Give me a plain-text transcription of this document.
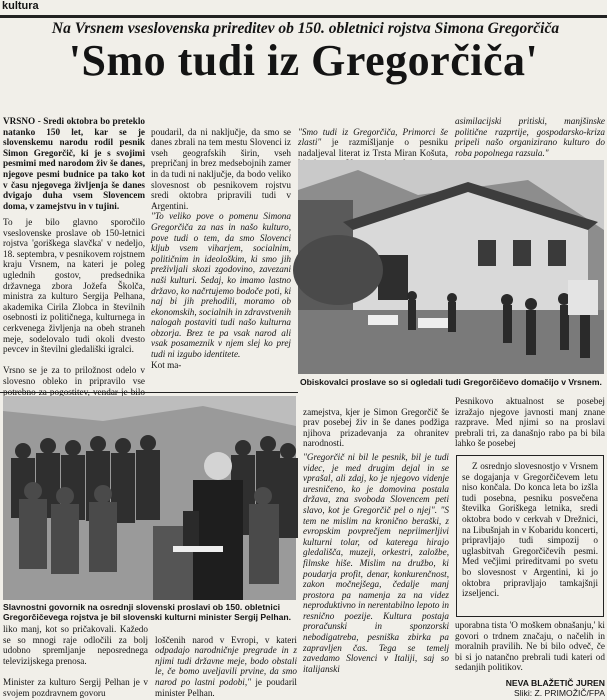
kultura
Na Vrsnem vseslovenska prireditev ob 150. obletnici rojstva Simona Gregorčiča
'Smo tudi iz Gregorčiča'
VRSNO - Sredi oktobra bo preteklo natanko 150 let, kar se je slovenskemu narodu rodil pesnik Simon Gregorčič, ki je s svojimi pesmimi med narodom živ še danes, njegove pesmi budnice pa tako kot v času njegovega življenja še danes dvigajo duha vsem Slovencem doma, v zamejstvu in v tujini.
To je bilo glavno sporočilo vseslovenske proslave ob 150-letnici rojstva 'goriškega slavčka' v nedeljo, 18. septembra, v pesnikovem rojstnem kraju Vrsnem, na kateri je poleg uglednih gostov, predsednika državnega zbora Jožefa Školča, ministra za kulturo Sergija Pelhana, akademika Cirila Zlobca in številnih osebnosti iz političnega, kulturnega in cerkvenega življenja na obeh straneh meje, sodelovalo tudi okoli dvesto pevcev in številni gledališki igralci.

Vrsno se je za to priložnost odelo v slovesno obleko in pripravilo vse

poudaril, da ni naključje, da smo se danes zbrali na tem mestu Slovenci iz vseh geografskih širin, vseh prepričanj in brez medsebojnih zamer in da tudi ni naključje, da bodo veliko slovesnost ob pesnikovem rojstvu sredi oktobra pripravili tudi v Argentini.
"To veliko pove o pomenu Simona Gregorčiča za nas in našo kulturo, pove tudi o tem, da smo Slovenci kljub vsem viharjem, socialnim, političnim in ideološkim, ki smo jih preživljali skozi zgodovino, zavezani naši kulturi. Sedaj, ko imamo lastno državo, ko načrtujemo bodoče poti, ki naj bi jih prehodili, moramo ob ekonomskih, socialnih in zdravstvenih nalogah postaviti tudi našo kulturna obzorja. Brez te pa vsak narod ali vsak posameznik v njem slej ko prej tudi ni izgubo identitete.
Kot ma-

"Smo tudi iz Gregorčiča, Primorci še zlasti" je razmišljanje o pesniku nadaljeval literat iz Trsta Miran Košuta,

asimilacijski pritiski, manjšinske politične razprtije, gospodarsko-kriza pripeli našo organizirano kulturo do roba popolnega razsula."
Obiskovalci proslave so si ogledali tudi Gregorčičevo domačijo v Vrsnem.
Slavnostni govornik na osrednji slovenski proslavi ob 150. obletnici Gregorčičevega rojstva je bil slovenski kulturni minister Sergij Pelhan.
liko manj, kot so pričakovali. Kažedo se so mnogi raje odločili za bolj udobno spremljanje neposrednega televizijskega prenosa.

Minister za kulturo Sergij Pelhan je v svojem pozdravnem govoru

loščenih narod v Evropi, v kateri odpadajo narodničnje pregrade in z njimi tudi državne meje, bodo obstali le, če bomo uveljavili prvine, da smo narod po lastni podobi," je poudaril minister Pelhan.

zamejstva, kjer je Simon Gregorčič še prav posebej živ in še danes podžiga njihova prizadevanja za ohranitev narodnosti.

"Gregorčič ni bil le pesnik, bil je tudi videc, je med drugim dejal in se vprašal, ali zdaj, ko je njegovo videnje uresničeno, ko je domovina postala država, zna svoboda Slovencem peti slavo, kot je Gregorčič pel o njej". "S tem ne mislim na kronično beraški, z evropskim povprečjem nepriimerljivi kulturni tolar, od katerega hirajo gledališča, muzeji, orkestri, založbe, filmske hiše. Mislim na družbo, ki poudarja profit, denar, konkurenčnost, zakon močnejšega, čedalje manj prostora pa namenja za na videz neproduktivno in nerentabilno lepoto in resnično poezije. Kultura postaja proračunski in sponzorski nebodigatreba, pesniška zbirka pa zapravljen čas. Tega se temelj zavedamo Slovenci v Italiji, saj so italijanski

Pesnikovo aktualnost se posebej izražajo njegove javnosti manj znane razprave. Med njimi so na proslavi prebrali tri, za današnjo rabo pa bi bila lahko še posebej
Z osrednjo slovesnostjo v Vrsnem se dogajanja v Gregorčičevem letu niso končala. Do konca leta bo izšla tudi posebna, pesniku posvečena številka Goriškega letnika, sredi oktobra bodo v cerkvah v Drežnici, na Libušnjah in v Kobaridu koncerti, pripravljajo tudi simpozij o uglasbitvah Gregorčičevih pesmi. Med večjimi prireditvami po svetu bo slovesnost v Argentini, ki jo oktobra pripravljajo tamkajšnji izseljenci.
uporabna tista 'O moškem obnašanju,' ki govori o trdnem značaju, o načelih in moralnih pravilih. Ne bi bilo odveč, če bi si jo natančno prebrali tudi kateri od sedanjih politikov.
NEVA BLAŽETIČ JUREN
Sliki: Z. PRIMOŽIČ/FPA
